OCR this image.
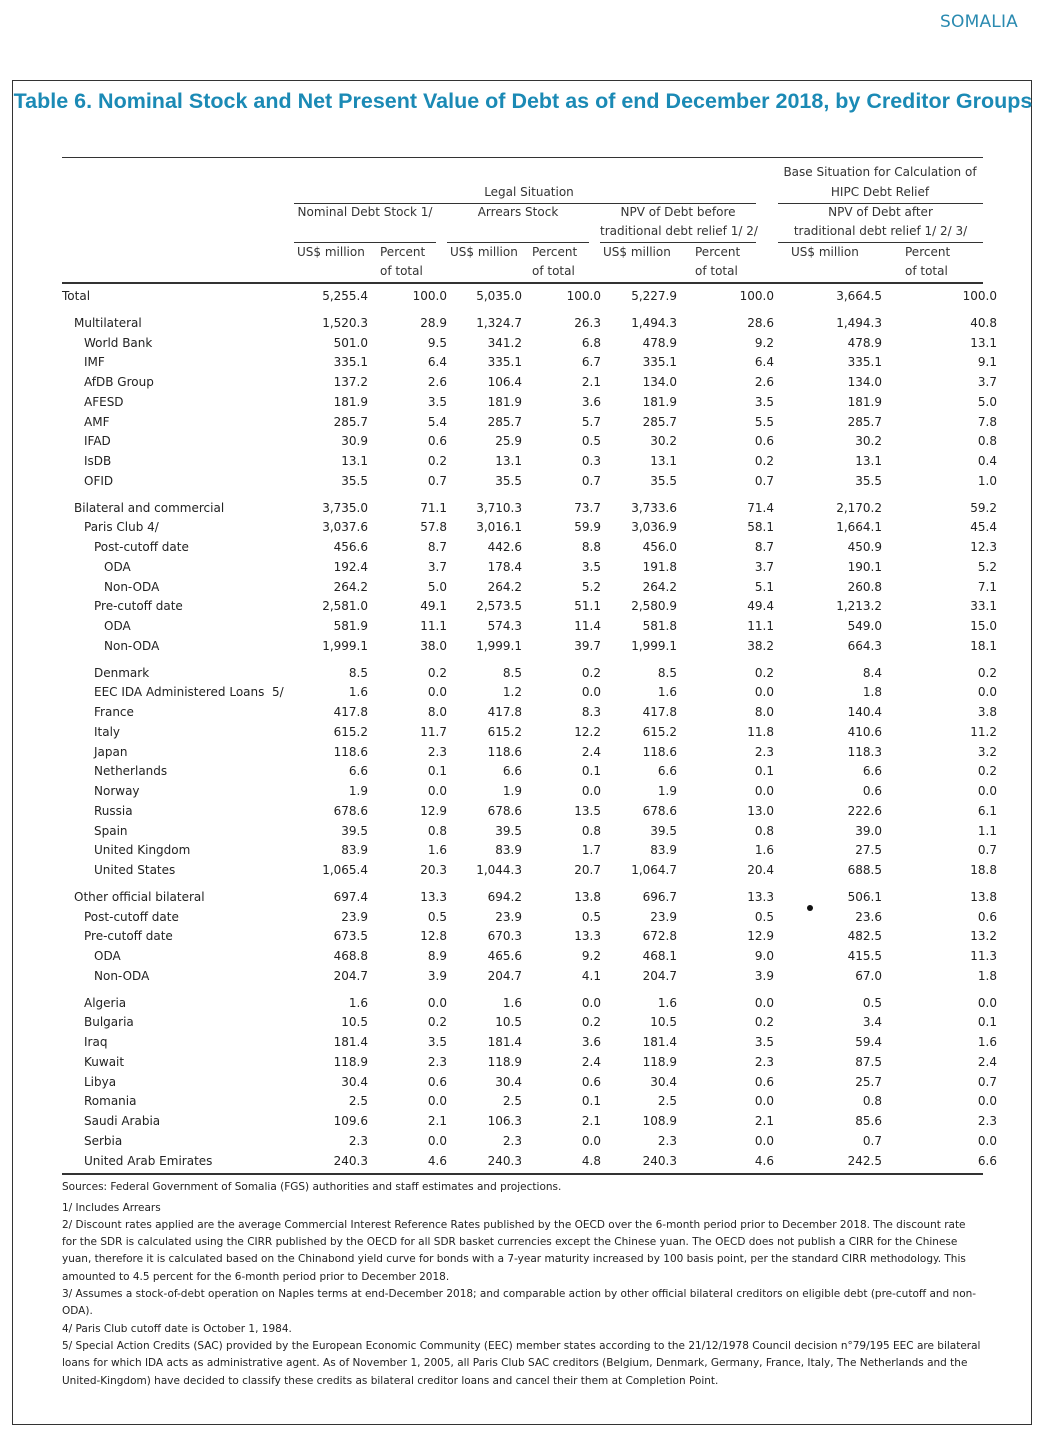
SOMALIA
Table 6. Nominal Stock and Net Present Value of Debt as of end December 2018, by Creditor Groups
Legal Situation
Base Situation for Calculation of
HIPC Debt Relief
Nominal Debt Stock 1/	Arrears Stock	NPV of Debt before
traditional debt relief 1/ 2/
NPV of Debt after
traditional debt relief 1/ 2/ 3/
US$ million Percent
of total
US$ million Percent
of total
US$ million Percent
of total
US$ million	Percent
of total
Total	5,255.4	100.0	5,035.0	100.0	5,227.9	100.0	3,664.5	100.0
Multilateral	1,520.3	28.9	1,324.7	26.3	1,494.3	28.6	1,494.3	40.8
World Bank	501.0	9.5	341.2	6.8	478.9	9.2	478.9	13.1
IMF	335.1	6.4	335.1	6.7	335.1	6.4	335.1	9.1
AfDB Group	137.2	2.6	106.4	2.1	134.0	2.6	134.0	3.7
AFESD	181.9	3.5	181.9	3.6	181.9	3.5	181.9	5.0
AMF	285.7	5.4	285.7	5.7	285.7	5.5	285.7	7.8
IFAD	30.9	0.6	25.9	0.5	30.2	0.6	30.2	0.8
IsDB	13.1	0.2	13.1	0.3	13.1	0.2	13.1	0.4
OFID	35.5	0.7	35.5	0.7	35.5	0.7	35.5	1.0
Bilateral and commercial	3,735.0	71.1	3,710.3	73.7	3,733.6	71.4	2,170.2	59.2
Paris Club 4/	3,037.6	57.8	3,016.1	59.9	3,036.9	58.1	1,664.1	45.4
Post-cutoff date	456.6	8.7	442.6	8.8	456.0	8.7	450.9	12.3
ODA	192.4	3.7	178.4	3.5	191.8	3.7	190.1	5.2
Non-ODA	264.2	5.0	264.2	5.2	264.2	5.1	260.8	7.1
Pre-cutoff date	2,581.0	49.1	2,573.5	51.1	2,580.9	49.4	1,213.2	33.1
ODA	581.9	11.1	574.3	11.4	581.8	11.1	549.0	15.0
Non-ODA	1,999.1	38.0	1,999.1	39.7	1,999.1	38.2	664.3	18.1
Denmark	8.5	0.2	8.5	0.2	8.5	0.2	8.4	0.2
EEC IDA Administered Loans 5/	1.6	0.0	1.2	0.0	1.6	0.0	1.8	0.0
France	417.8	8.0	417.8	8.3	417.8	8.0	140.4	3.8
Italy	615.2	11.7	615.2	12.2	615.2	11.8	410.6	11.2
Japan	118.6	2.3	118.6	2.4	118.6	2.3	118.3	3.2
Netherlands	6.6	0.1	6.6	0.1	6.6	0.1	6.6	0.2
Norway	1.9	0.0	1.9	0.0	1.9	0.0	0.6	0.0
Russia	678.6	12.9	678.6	13.5	678.6	13.0	222.6	6.1
Spain	39.5	0.8	39.5	0.8	39.5	0.8	39.0	1.1
United Kingdom	83.9	1.6	83.9	1.7	83.9	1.6	27.5	0.7
United States	1,065.4	20.3	1,044.3	20.7	1,064.7	20.4	688.5	18.8
Other official bilateral	697.4	13.3	694.2	13.8	696.7	13.3	506.1	13.8
Post-cutoff date	23.9	0.5	23.9	0.5	23.9	0.5	23.6	0.6
Pre-cutoff date	673.5	12.8	670.3	13.3	672.8	12.9	482.5	13.2
ODA	468.8	8.9	465.6	9.2	468.1	9.0	415.5	11.3
Non-ODA	204.7	3.9	204.7	4.1	204.7	3.9	67.0	1.8
Algeria	1.6	0.0	1.6	0.0	1.6	0.0	0.5	0.0
Bulgaria	10.5	0.2	10.5	0.2	10.5	0.2	3.4	0.1
Iraq	181.4	3.5	181.4	3.6	181.4	3.5	59.4	1.6
Kuwait	118.9	2.3	118.9	2.4	118.9	2.3	87.5	2.4
Libya	30.4	0.6	30.4	0.6	30.4	0.6	25.7	0.7
Romania	2.5	0.0	2.5	0.1	2.5	0.0	0.8	0.0
Saudi Arabia	109.6	2.1	106.3	2.1	108.9	2.1	85.6	2.3
Serbia	2.3	0.0	2.3	0.0	2.3	0.0	0.7	0.0
United Arab Emirates	240.3	4.6	240.3	4.8	240.3	4.6	242.5	6.6

Sources: Federal Government of Somalia (FGS) authorities and staff estimates and projections.

1/ Includes Arrears

2/ Discount rates applied are the average Commercial Interest Reference Rates published by the OECD over the 6-month period prior to December 2018. The discount rate for the SDR is calculated using the CIRR published by the OECD for all SDR basket currencies except the Chinese yuan. The OECD does not publish a CIRR for the Chinese yuan, therefore it is calculated based on the Chinabond yield curve for bonds with a 7-year maturity increased by 100 basis point, per the standard CIRR methodology. This amounted to 4.5 percent for the 6-month period prior to December 2018.

3/ Assumes a stock-of-debt operation on Naples terms at end-December 2018; and comparable action by other official bilateral creditors on eligible debt (pre-cutoff and non-ODA).

4/ Paris Club cutoff date is October 1, 1984.

5/ Special Action Credits (SAC) provided by the European Economic Community (EEC) member states according to the 21/12/1978 Council decision n°79/195 EEC are bilateral loans for which IDA acts as administrative agent. As of November 1, 2005, all Paris Club SAC creditors (Belgium, Denmark, Germany, France, Italy, The Netherlands and the United-Kingdom) have decided to classify these credits as bilateral creditor loans and cancel their them at Completion Point.
